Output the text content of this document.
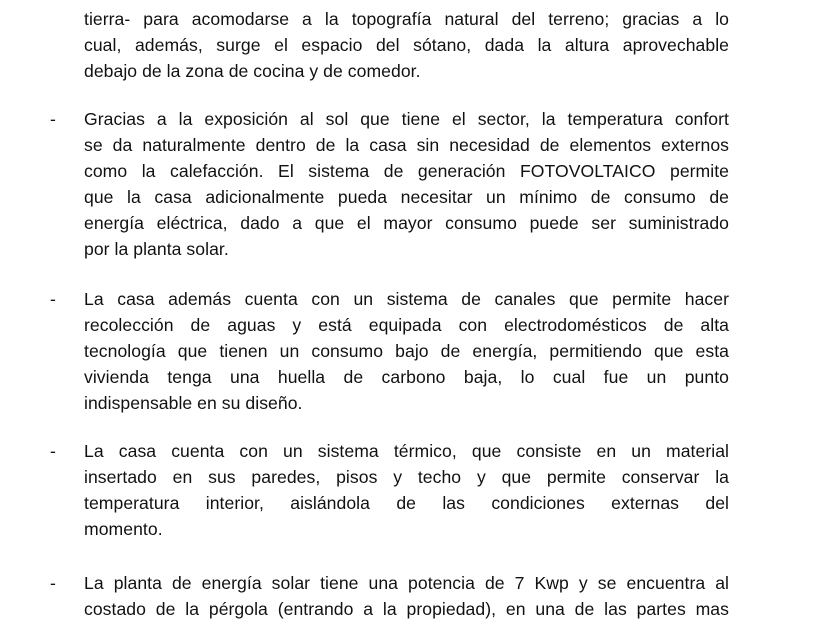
tierra- para acomodarse a la topografía natural del terreno; gracias a lo
cual, además, surge el espacio del sótano, dada la altura aprovechable
debajo de la zona de cocina y de comedor.
- Gracias a la exposición al sol que tiene el sector, la temperatura confort
se da naturalmente dentro de la casa sin necesidad de elementos externos
como la calefacción. El sistema de generación FOTOVOLTAICO permite
que la casa adicionalmente pueda necesitar un mínimo de consumo de
energía eléctrica, dado a que el mayor consumo puede ser suministrado
por la planta solar.
- La casa además cuenta con un sistema de canales que permite hacer
recolección de aguas y está equipada con electrodomésticos de alta
tecnología que tienen un consumo bajo de energía, permitiendo que esta
vivienda tenga una huella de carbono baja, lo cual fue un punto
indispensable en su diseño.
- La casa cuenta con un sistema térmico, que consiste en un material
insertado en sus paredes, pisos y techo y que permite conservar la
temperatura interior, aislándola de las condiciones externas del
momento.
- La planta de energía solar tiene una potencia de 7 Kwp y se encuentra al
costado de la pérgola (entrando a la propiedad), en una de las partes mas
